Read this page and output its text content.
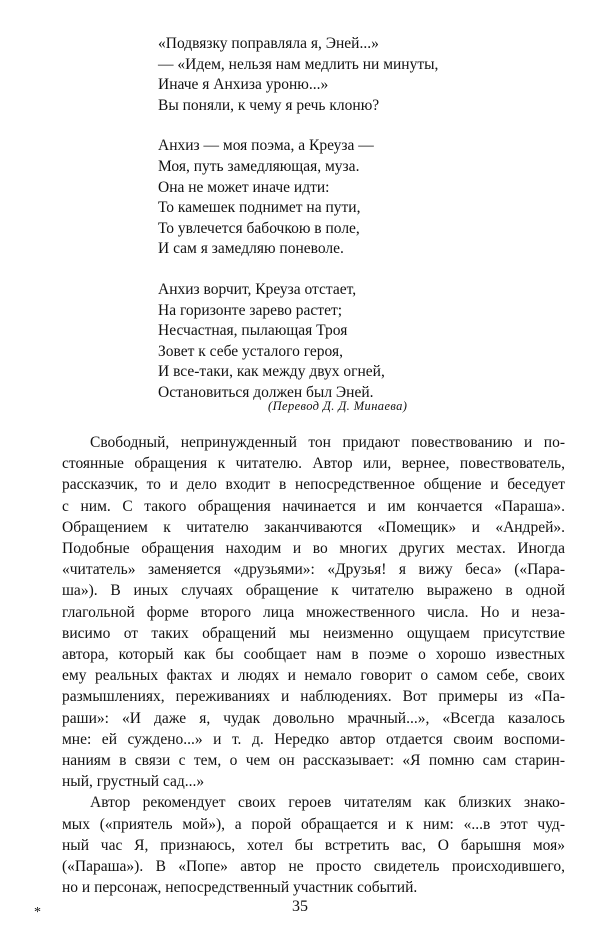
«Подвязку поправляла я, Эней...»
— «Идем, нельзя нам медлить ни минуты,
Иначе я Анхиза уроню...»
Вы поняли, к чему я речь клоню?
Анхиз — моя поэма, а Креуза —
Моя, путь замедляющая, муза.
Она не может иначе идти:
То камешек поднимет на пути,
То увлечется бабочкою в поле,
И сам я замедляю поневоле.
Анхиз ворчит, Креуза отстает,
На горизонте зарево растет;
Несчастная, пылающая Троя
Зовет к себе усталого героя,
И все-таки, как между двух огней,
Остановиться должен был Эней.
(Перевод Д. Д. Минаева)
Свободный, непринужденный тон придают повествованию и по-
стоянные обращения к читателю. Автор или, вернее, повествователь,
рассказчик, то и дело входит в непосредственное общение и беседует
с ним. С такого обращения начинается и им кончается «Параша».
Обращением к читателю заканчиваются «Помещик» и «Андрей».
Подобные обращения находим и во многих других местах. Иногда
«читатель» заменяется «друзьями»: «Друзья! я вижу беса» («Пара-
ша»). В иных случаях обращение к читателю выражено в одной
глагольной форме второго лица множественного числа. Но и неза-
висимо от таких обращений мы неизменно ощущаем присутствие
автора, который как бы сообщает нам в поэме о хорошо известных
ему реальных фактах и людях и немало говорит о самом себе, своих
размышлениях, переживаниях и наблюдениях. Вот примеры из «Па-
раши»: «И даже я, чудак довольно мрачный...», «Всегда казалось
мне: ей суждено...» и т. д. Нередко автор отдается своим воспоми-
наниям в связи с тем, о чем он рассказывает: «Я помню сам старин-
ный, грустный сад...»
Автор рекомендует своих героев читателям как близких знако-
мых («приятель мой»), а порой обращается и к ним: «...в этот чуд-
ный час Я, признаюсь, хотел бы встретить вас, О барышня моя»
(«Параша»). В «Попе» автор не просто свидетель происходившего,
но и персонаж, непосредственный участник событий.
*	35
